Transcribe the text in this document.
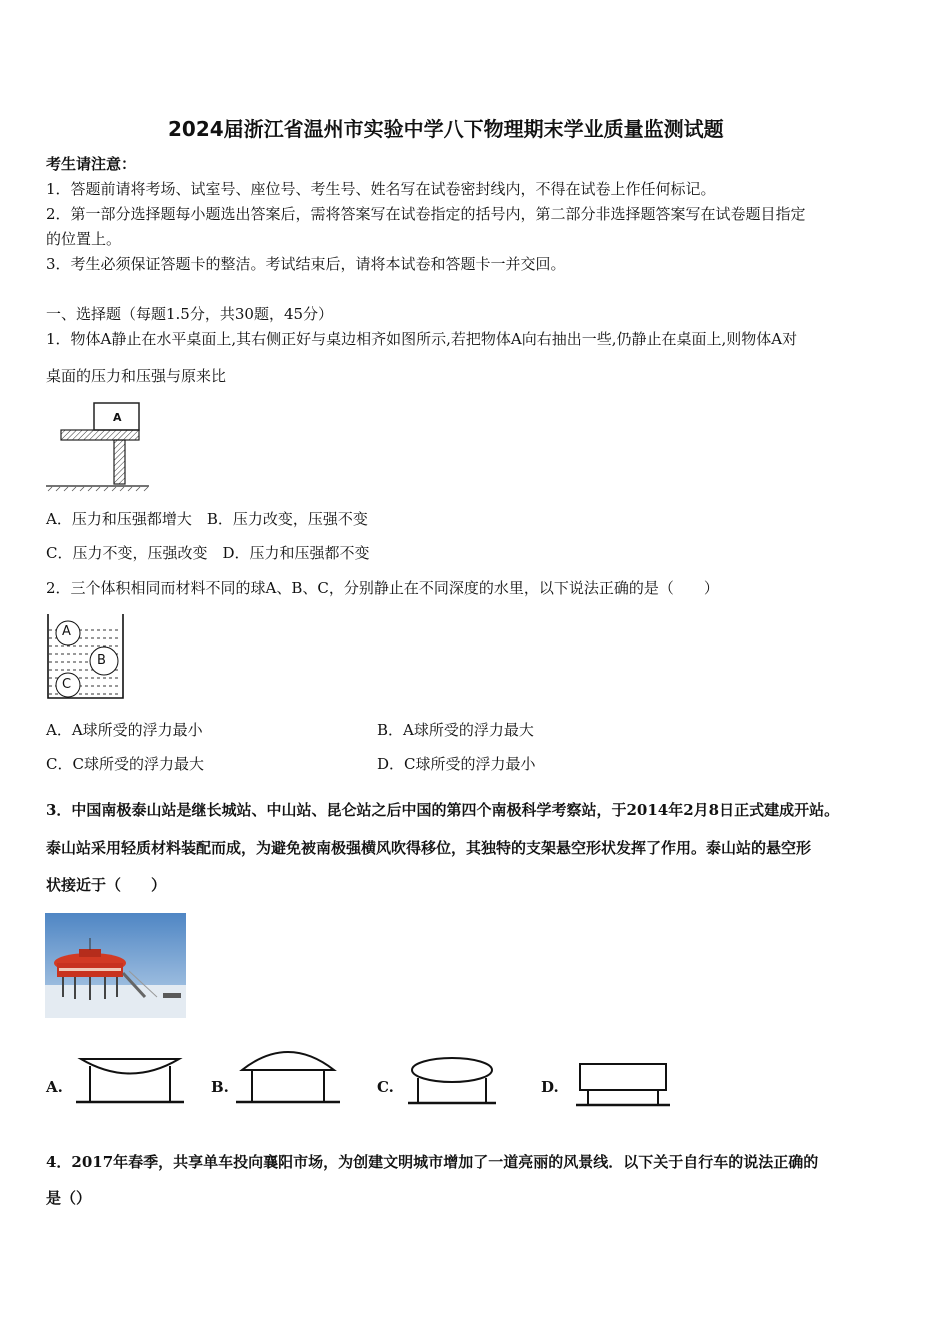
2024届浙江省温州市实验中学八下物理期末学业质量监测试题
考生请注意：
1．答题前请将考场、试室号、座位号、考生号、姓名写在试卷密封线内，不得在试卷上作任何标记。
2．第一部分选择题每小题选出答案后，需将答案写在试卷指定的括号内，第二部分非选择题答案写在试卷题目指定
的位置上。
3．考生必须保证答题卡的整洁。考试结束后，请将本试卷和答题卡一并交回。
一、选择题（每题1.5分，共30题，45分）
1．物体A静止在水平桌面上,其右侧正好与桌边相齐如图所示,若把物体A向右抽出一些,仍静止在桌面上,则物体A对
桌面的压力和压强与原来比
A
A．压力和压强都增大　B．压力改变，压强不变
C．压力不变，压强改变　D．压力和压强都不变
2．三个体积相同而材料不同的球A、B、C，分别静止在不同深度的水里，以下说法正确的是（　　）
A
B
C
A．A球所受的浮力最小	B．A球所受的浮力最大
C．C球所受的浮力最大	D．C球所受的浮力最小
3．中国南极泰山站是继长城站、中山站、昆仑站之后中国的第四个南极科学考察站，于2014年2月8日正式建成开站。
泰山站采用轻质材料装配而成，为避免被南极强横风吹得移位，其独特的支架悬空形状发挥了作用。泰山站的悬空形
状接近于（　　）
A.	B.	C.	D.
4．2017年春季，共享单车投向襄阳市场，为创建文明城市增加了一道亮丽的风景线．以下关于自行车的说法正确的
是（）
